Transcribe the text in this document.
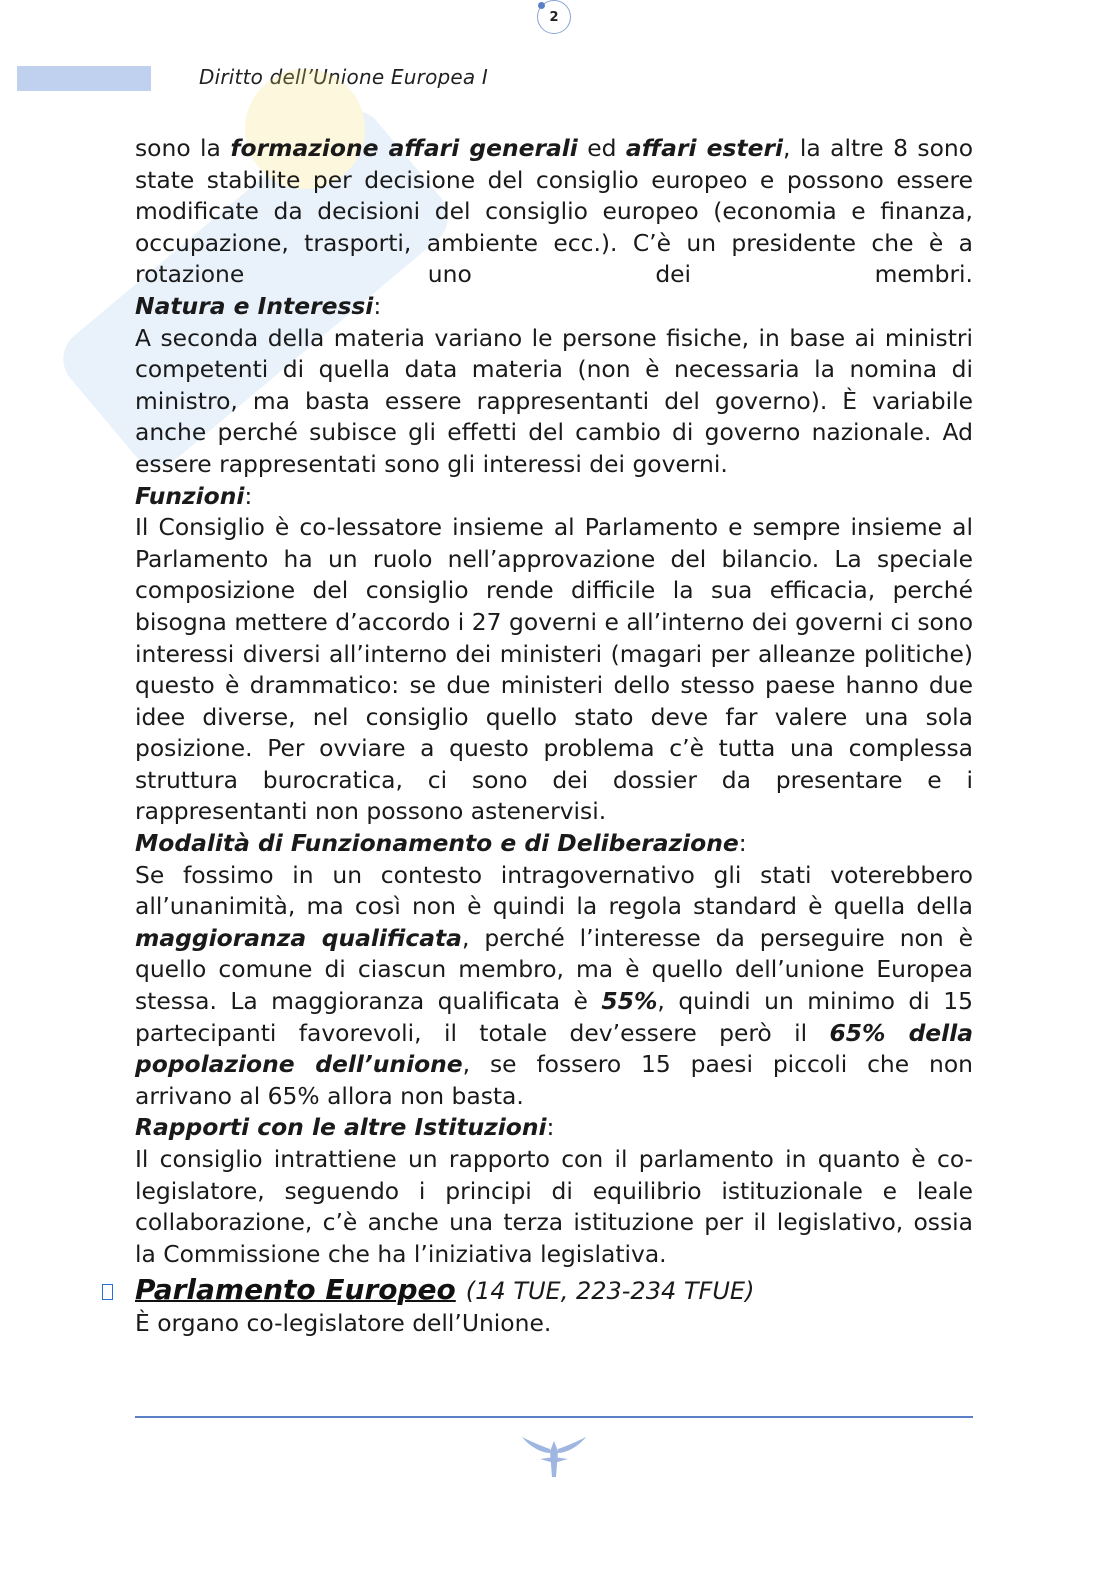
2
Diritto dell’Unione Europea I

sono la formazione affari generali ed affari esteri, la altre 8 sono state stabilite per decisione del consiglio europeo e possono essere modificate da decisioni del consiglio europeo (economia e finanza, occupazione, trasporti, ambiente ecc.). C’è un presidente che è a rotazione uno dei membri.

Natura e Interessi:

A seconda della materia variano le persone fisiche, in base ai ministri competenti di quella data materia (non è necessaria la nomina di ministro, ma basta essere rappresentanti del governo). È variabile anche perché subisce gli effetti del cambio di governo nazionale. Ad essere rappresentati sono gli interessi dei governi.

Funzioni:

Il Consiglio è co-lessatore insieme al Parlamento e sempre insieme al Parlamento ha un ruolo nell’approvazione del bilancio. La speciale composizione del consiglio rende difficile la sua efficacia, perché bisogna mettere d’accordo i 27 governi e all’interno dei governi ci sono interessi diversi all’interno dei ministeri (magari per alleanze politiche) questo è drammatico: se due ministeri dello stesso paese hanno due idee diverse, nel consiglio quello stato deve far valere una sola posizione. Per ovviare a questo problema c’è tutta una complessa struttura burocratica, ci sono dei dossier da presentare e i rappresentanti non possono astenervisi.

Modalità di Funzionamento e di Deliberazione:

Se fossimo in un contesto intragovernativo gli stati voterebbero all’unanimità, ma così non è quindi la regola standard è quella della maggioranza qualificata, perché l’interesse da perseguire non è quello comune di ciascun membro, ma è quello dell’unione Europea stessa. La maggioranza qualificata è 55%, quindi un minimo di 15 partecipanti favorevoli, il totale dev’essere però il 65% della popolazione dell’unione, se fossero 15 paesi piccoli che non arrivano al 65% allora non basta.

Rapporti con le altre Istituzioni:

Il consiglio intrattiene un rapporto con il parlamento in quanto è co-legislatore, seguendo i principi di equilibrio istituzionale e leale collaborazione, c’è anche una terza istituzione per il legislativo, ossia la Commissione che ha l’iniziativa legislativa.

Parlamento Europeo (14 TUE, 223-234 TFUE)

È organo co-legislatore dell’Unione.
